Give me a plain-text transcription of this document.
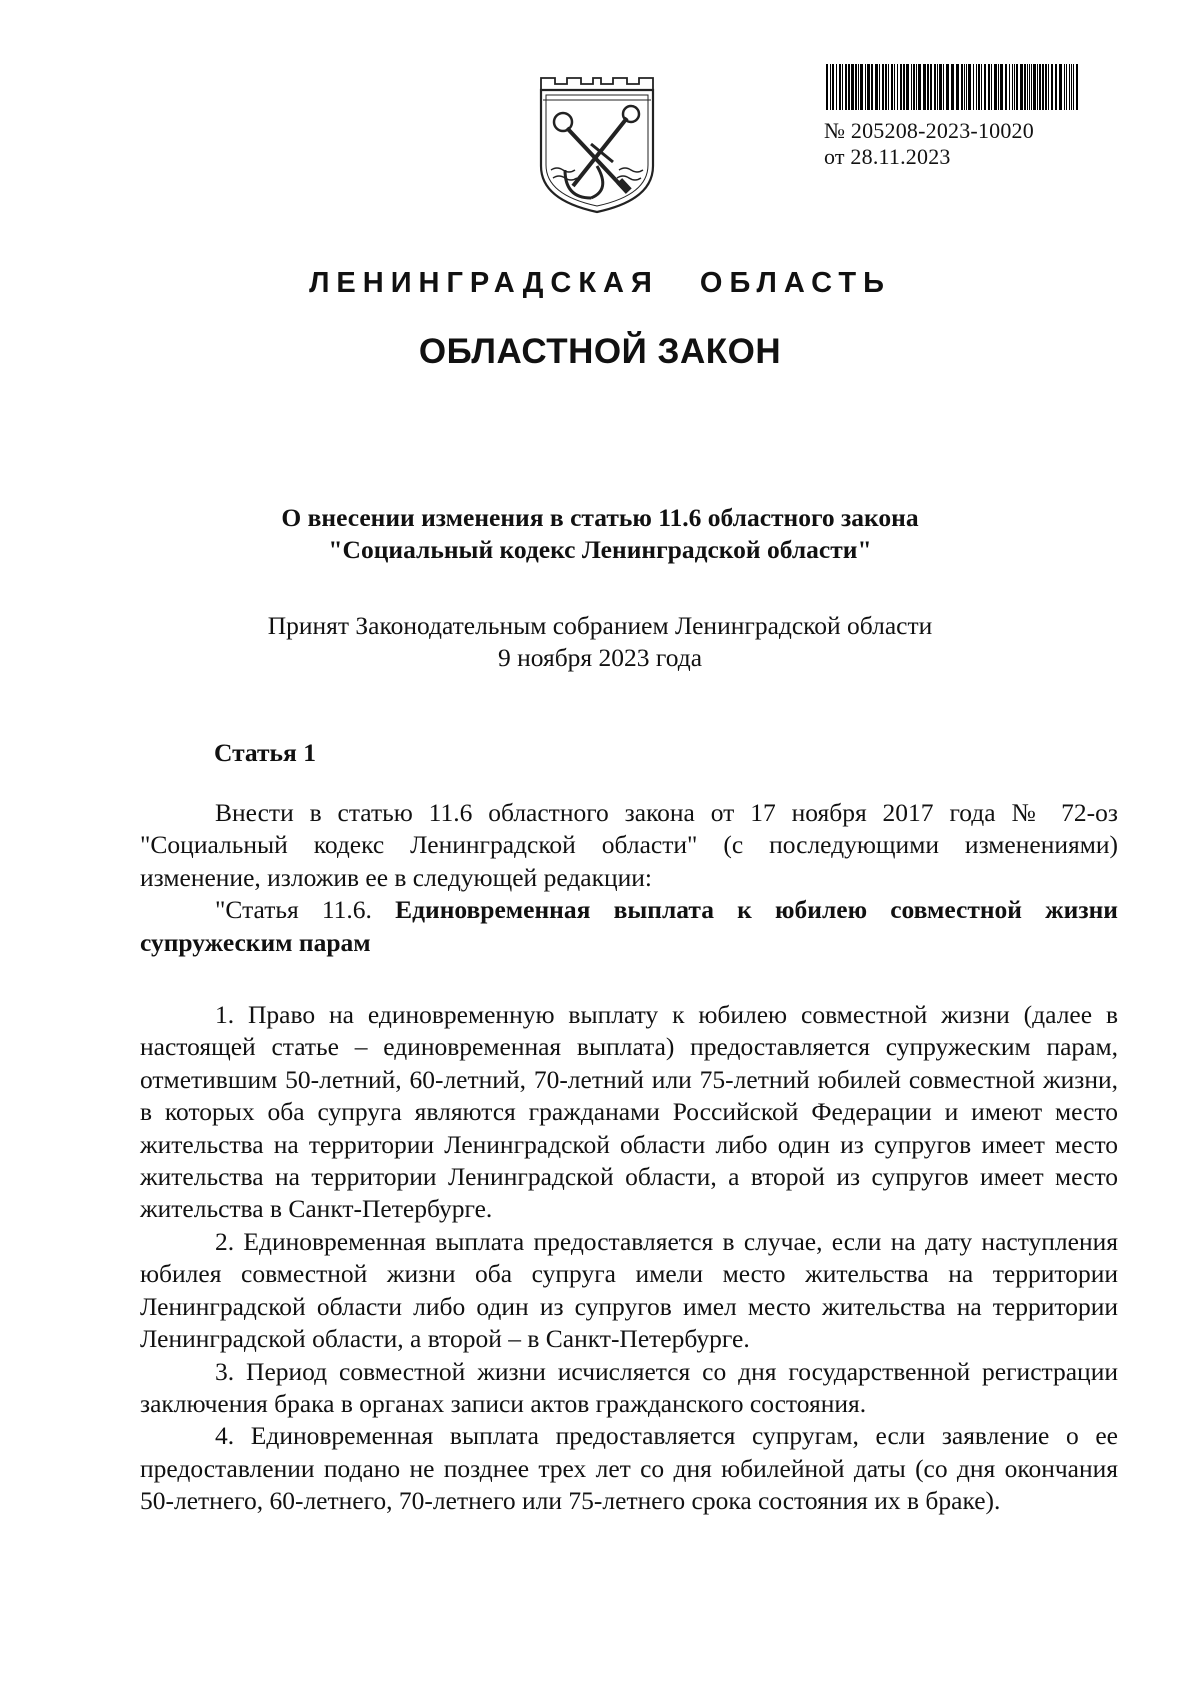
№ 205208-2023-10020
от 28.11.2023
ЛЕНИНГРАДСКАЯ ОБЛАСТЬ
ОБЛАСТНОЙ ЗАКОН
О внесении изменения в статью 11.6 областного закона
"Социальный кодекс Ленинградской области"
Принят Законодательным собранием Ленинградской области
9 ноября 2023 года
Статья 1

Внести в статью 11.6 областного закона от 17 ноября 2017 года № 72-оз "Социальный кодекс Ленинградской области" (с последующими изменениями) изменение, изложив ее в следующей редакции:

"Статья 11.6. Единовременная выплата к юбилею совместной жизни супружеским парам

1. Право на единовременную выплату к юбилею совместной жизни (далее в настоящей статье – единовременная выплата) предоставляется супружеским парам, отметившим 50-летний, 60-летний, 70-летний или 75-летний юбилей совместной жизни, в которых оба супруга являются гражданами Российской Федерации и имеют место жительства на территории Ленинградской области либо один из супругов имеет место жительства на территории Ленинградской области, а второй из супругов имеет место жительства в Санкт-Петербурге.

2. Единовременная выплата предоставляется в случае, если на дату наступления юбилея совместной жизни оба супруга имели место жительства на территории Ленинградской области либо один из супругов имел место жительства на территории Ленинградской области, а второй – в Санкт-Петербурге.

3. Период совместной жизни исчисляется со дня государственной регистрации заключения брака в органах записи актов гражданского состояния.

4. Единовременная выплата предоставляется супругам, если заявление о ее предоставлении подано не позднее трех лет со дня юбилейной даты (со дня окончания 50-летнего, 60-летнего, 70-летнего или 75-летнего срока состояния их в браке).
